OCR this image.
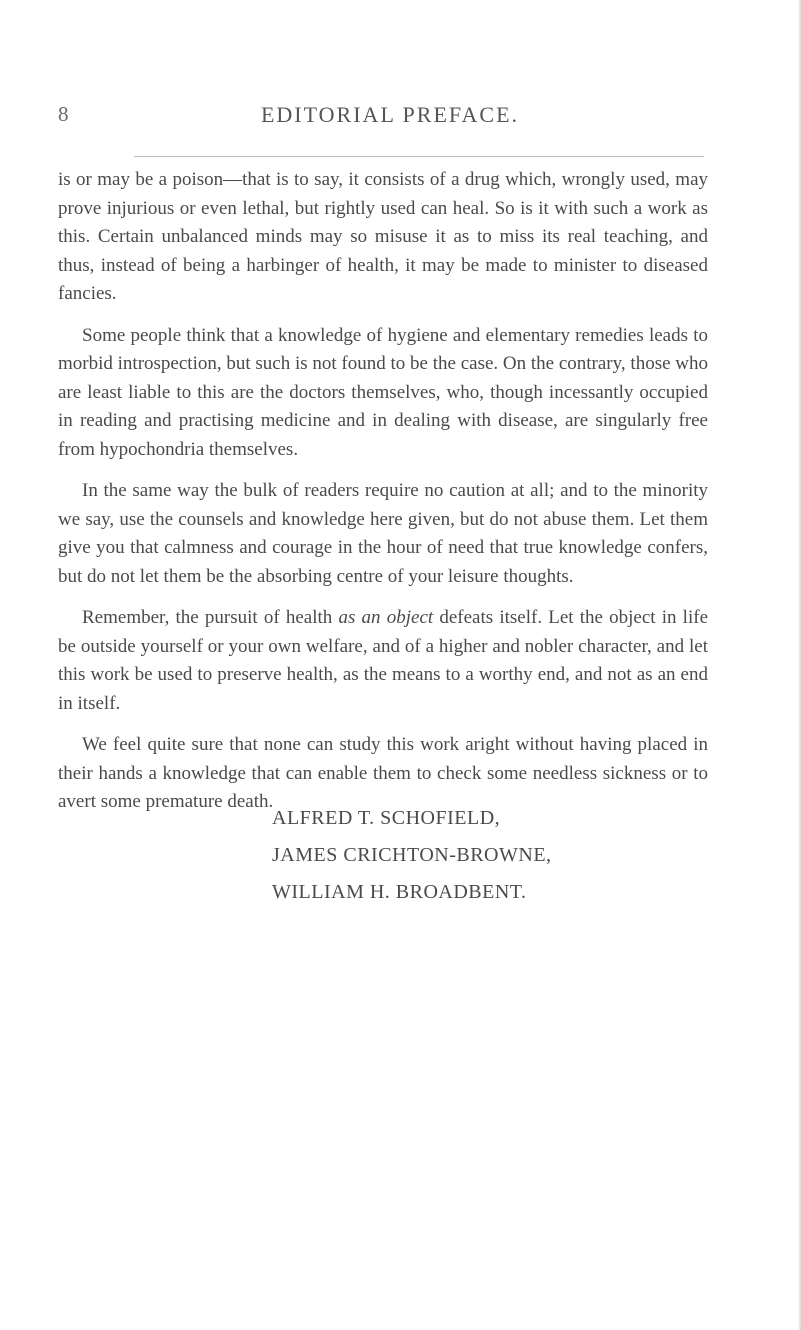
8	EDITORIAL PREFACE.

is or may be a poison—that is to say, it consists of a drug which, wrongly used, may prove injurious or even lethal, but rightly used can heal. So is it with such a work as this. Certain unbalanced minds may so misuse it as to miss its real teaching, and thus, instead of being a harbinger of health, it may be made to minister to diseased fancies.

Some people think that a knowledge of hygiene and elementary remedies leads to morbid introspection, but such is not found to be the case. On the contrary, those who are least liable to this are the doctors themselves, who, though incessantly occupied in reading and practising medicine and in dealing with disease, are singularly free from hypochondria themselves.

In the same way the bulk of readers require no caution at all; and to the minority we say, use the counsels and knowledge here given, but do not abuse them. Let them give you that calmness and courage in the hour of need that true knowledge confers, but do not let them be the absorbing centre of your leisure thoughts.

Remember, the pursuit of health as an object defeats itself. Let the object in life be outside yourself or your own welfare, and of a higher and nobler character, and let this work be used to preserve health, as the means to a worthy end, and not as an end in itself.

We feel quite sure that none can study this work aright without having placed in their hands a knowledge that can enable them to check some needless sickness or to avert some premature death.

ALFRED T. SCHOFIELD,
JAMES CRICHTON-BROWNE,
WILLIAM H. BROADBENT.
